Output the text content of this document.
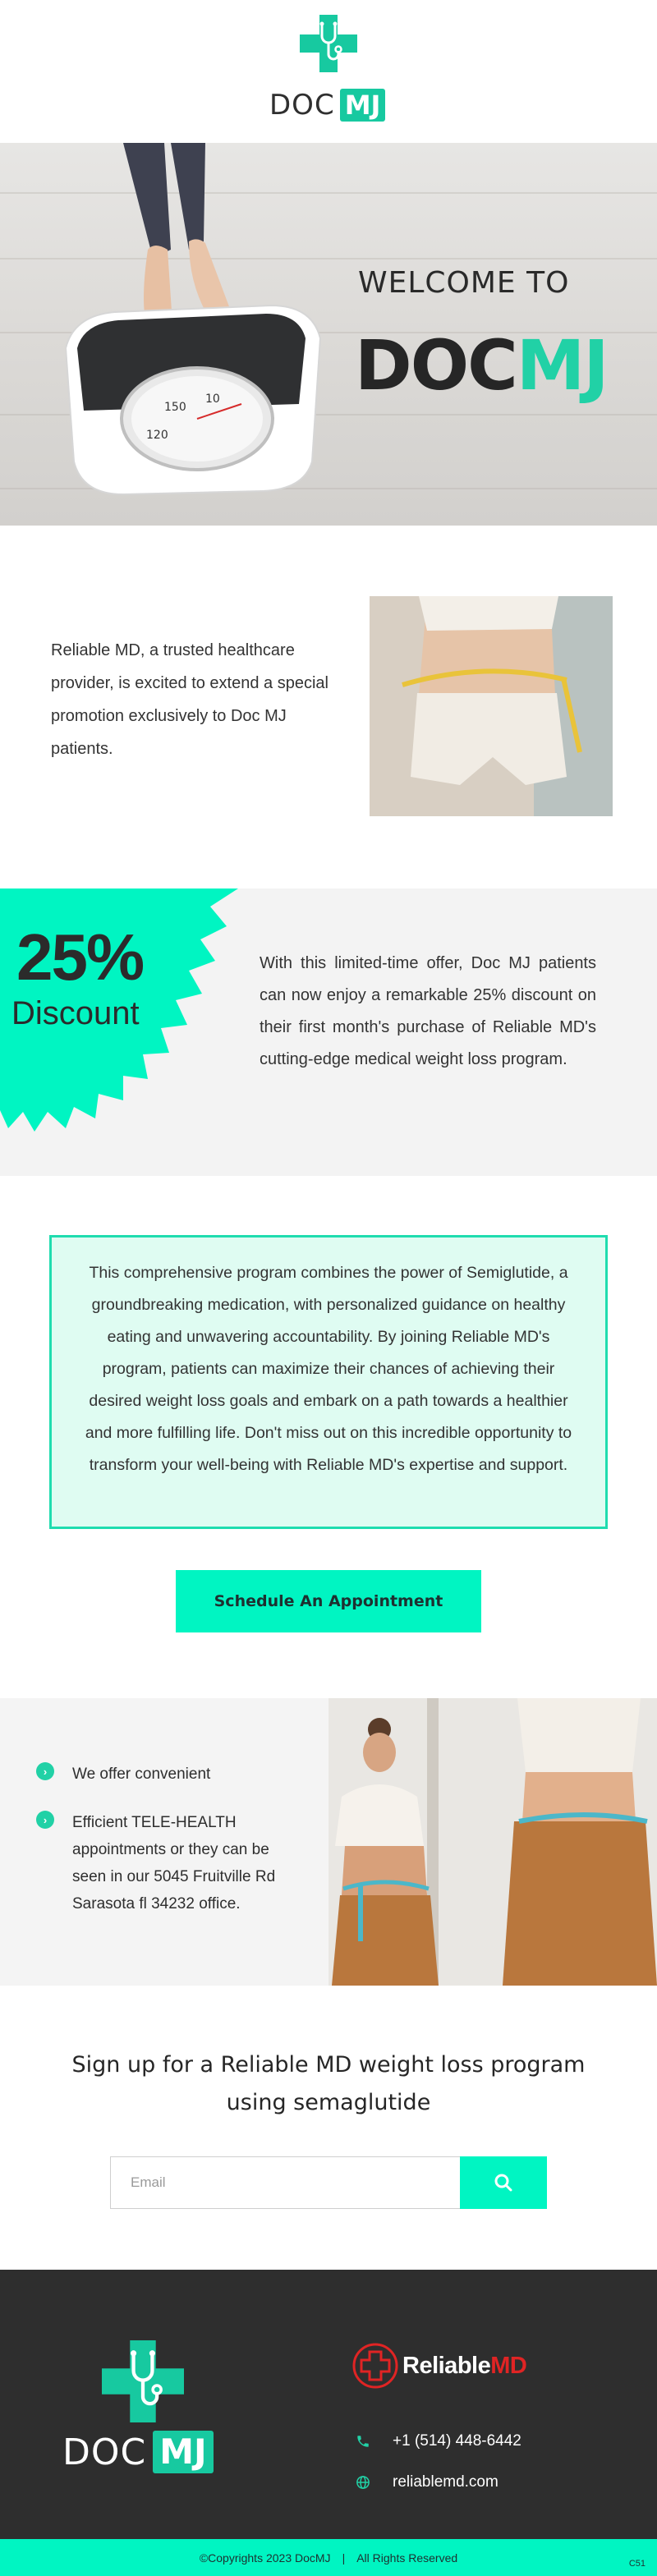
DOC MJ
150
10
120
WELCOME TO
DOCMJ

Reliable MD, a trusted healthcare provider, is excited to extend a special promotion exclusively to Doc MJ patients.

25%
Discount

With this limited-time offer, Doc MJ patients can now enjoy a remarkable 25% discount on their first month's purchase of Reliable MD's cutting-edge medical weight loss program.

This comprehensive program combines the power of Semiglutide, a groundbreaking medication, with personalized guidance on healthy eating and unwavering accountability. By joining Reliable MD's program, patients can maximize their chances of achieving their desired weight loss goals and embark on a path towards a healthier and more fulfilling life. Don't miss out on this incredible opportunity to transform your well-being with Reliable MD's expertise and support.

Schedule An Appointment
›	We offer convenient
›	Efficient TELE-HEALTH appointments or they can be seen in our 5045 Fruitville Rd Sarasota fl 34232 office.
Sign up for a Reliable MD weight loss program using semaglutide
Email
DOC MJ
ReliableMD
+1 (514) 448-6442
reliablemd.com
©Copyrights 2023 DocMJ | All Rights Reserved	C51
